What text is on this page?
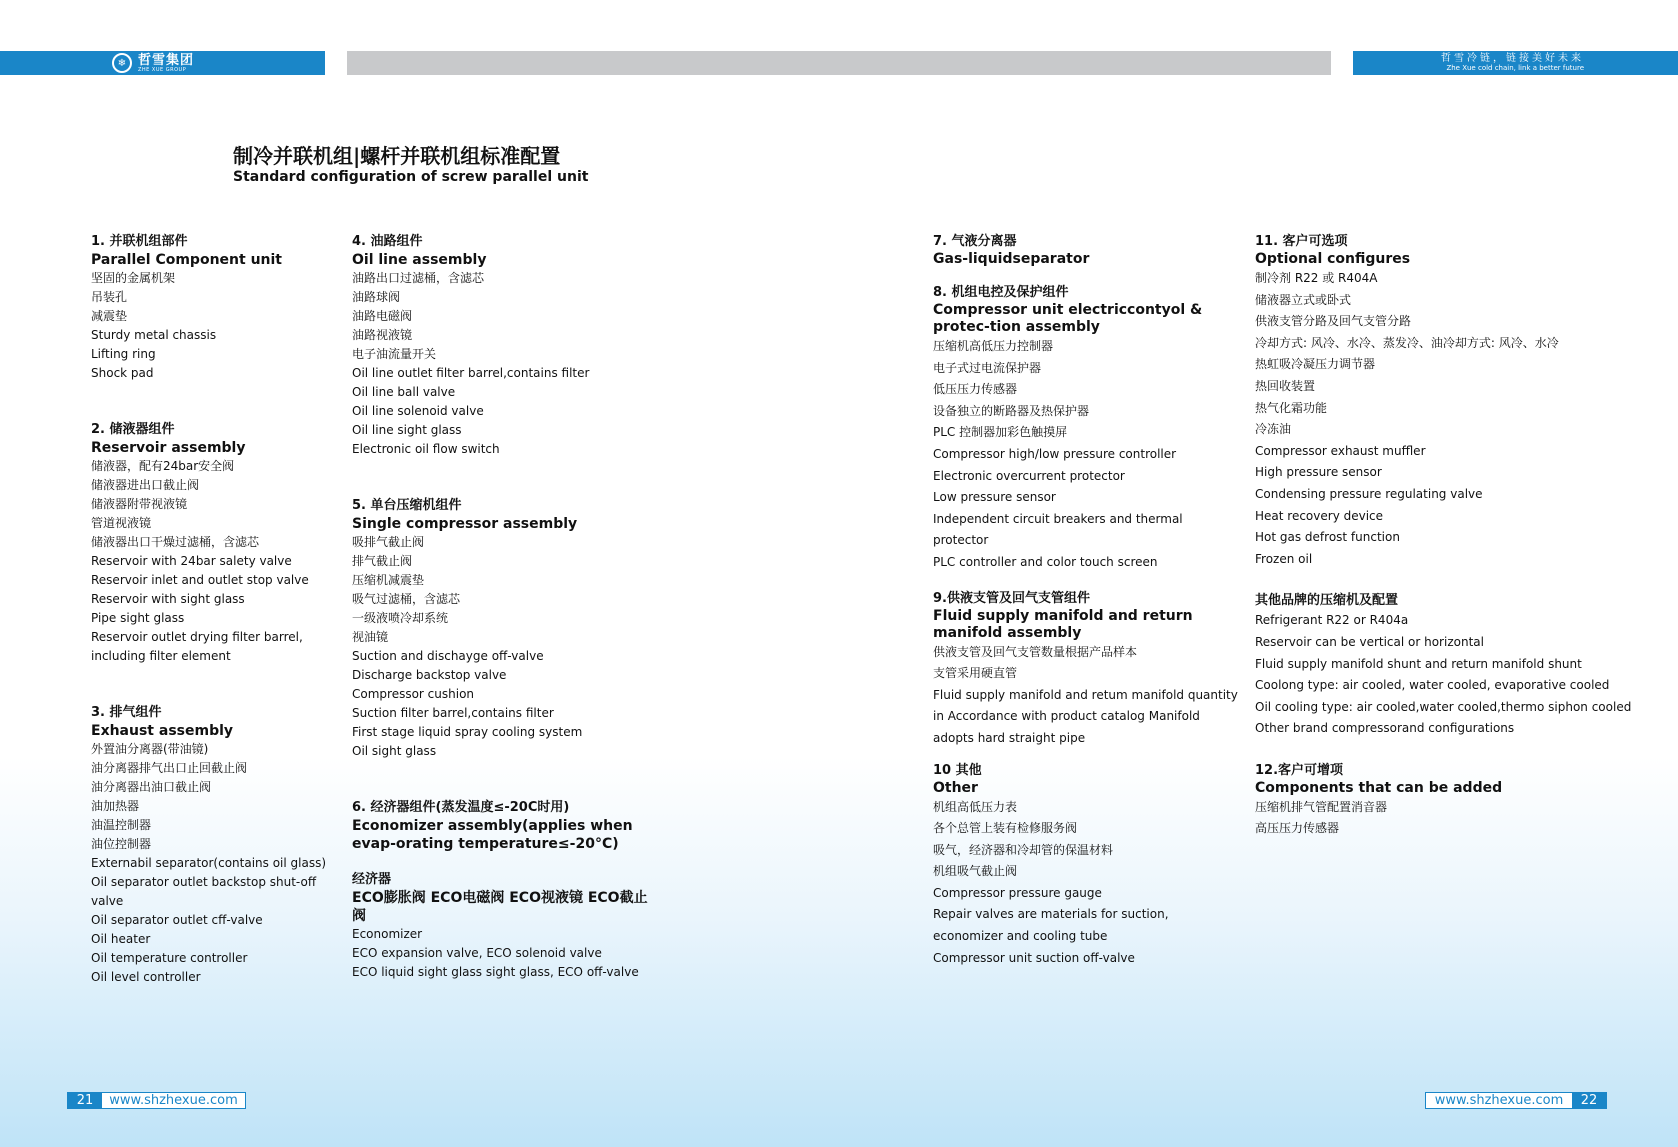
❄ 哲雪集团
ZHE XUE GROUP
哲雪冷链，链接美好未来
Zhe Xue cold chain, link a better future
制冷并联机组|螺杆并联机组标准配置
Standard configuration of screw parallel unit
1. 并联机组部件
Parallel Component unit
坚固的金属机架
吊装孔
减震垫
Sturdy metal chassis
Lifting ring
Shock pad
2. 储液器组件
Reservoir assembly
储液器，配有24bar安全阀
储液器进出口截止阀
储液器附带视液镜
管道视液镜
储液器出口干燥过滤桶，含滤芯
Reservoir with 24bar salety valve
Reservoir inlet and outlet stop valve
Reservoir with sight glass
Pipe sight glass
Reservoir outlet drying filter barrel,
including filter element
3. 排气组件
Exhaust assembly
外置油分离器(带油镜)
油分离器排气出口止回截止阀
油分离器出油口截止阀
油加热器
油温控制器
油位控制器
Externabil separator(contains oil glass)
Oil separator outlet backstop shut-off valve
Oil separator outlet cff-valve
Oil heater
Oil temperature controller
Oil level controller
4. 油路组件
Oil line assembly
油路出口过滤桶，含滤芯
油路球阀
油路电磁阀
油路视液镜
电子油流量开关
Oil line outlet filter barrel,contains filter
Oil line ball valve
Oil line solenoid valve
Oil line sight glass
Electronic oil flow switch
5. 单台压缩机组件
Single compressor assembly
吸排气截止阀
排气截止阀
压缩机减震垫
吸气过滤桶，含滤芯
一级液喷冷却系统
视油镜
Suction and dischayge off-valve
Discharge backstop valve
Compressor cushion
Suction filter barrel,contains filter
First stage liquid spray cooling system
Oil sight glass
6. 经济器组件(蒸发温度≤-20C时用)
Economizer assembly(applies when evap-orating temperature≤-20°C)
经济器
ECO膨胀阀 ECO电磁阀 ECO视液镜 ECO截止阀
Economizer
ECO expansion valve, ECO solenoid valve
ECO liquid sight glass sight glass, ECO off-valve
7. 气液分离器
Gas-liquidseparator
8. 机组电控及保护组件
Compressor unit electriccontyol & protec-tion assembly
压缩机高低压力控制器
电子式过电流保护器
低压压力传感器
设备独立的断路器及热保护器
PLC 控制器加彩色触摸屏
Compressor high/low pressure controller
Electronic overcurrent protector
Low pressure sensor
Independent circuit breakers and thermal protector
PLC controller and color touch screen
9.供液支管及回气支管组件
Fluid supply manifold and return manifold assembly
供液支管及回气支管数量根据产品样本
支管采用硬直管
Fluid supply manifold and retum manifold quantity
in Accordance with product catalog Manifold
adopts hard straight pipe
10 其他
Other
机组高低压力表
各个总管上装有检修服务阀
吸气，经济器和冷却管的保温材料
机组吸气截止阀
Compressor pressure gauge
Repair valves are materials for suction,
economizer and cooling tube
Compressor unit suction off-valve
11. 客户可选项
Optional configures
制冷剂 R22 或 R404A
储液器立式或卧式
供液支管分路及回气支管分路
冷却方式: 风冷、水冷、蒸发冷、油冷却方式: 风冷、水冷
热虹吸冷凝压力调节器
热回收装置
热气化霜功能
冷冻油
Compressor exhaust muffler
High pressure sensor
Condensing pressure regulating valve
Heat recovery device
Hot gas defrost function
Frozen oil
其他品牌的压缩机及配置
Refrigerant R22 or R404a
Reservoir can be vertical or horizontal
Fluid supply manifold shunt and return manifold shunt
Coolong type: air cooled, water cooled, evaporative cooled
Oil cooling type: air cooled,water cooled,thermo siphon cooled
Other brand compressorand configurations
12.客户可增项
Components that can be added
压缩机排气管配置消音器
高压压力传感器
21	www.shzhexue.com	www.shzhexue.com	22
